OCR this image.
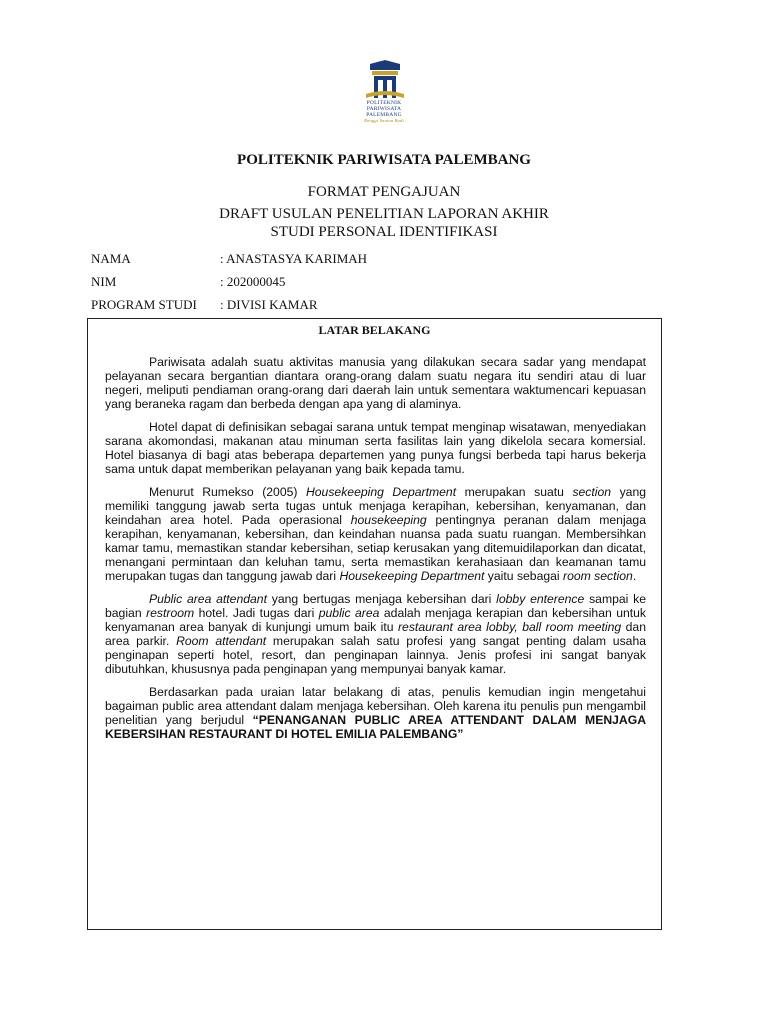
POLITEKNIK
PARIWISATA
PALEMBANG
Ranggi Santun Budi
POLITEKNIK PARIWISATA PALEMBANG
FORMAT PENGAJUAN
DRAFT USULAN PENELITIAN LAPORAN AKHIR
STUDI PERSONAL IDENTIFIKASI
NAMA	: ANASTASYA KARIMAH
NIM	: 202000045
PROGRAM STUDI : DIVISI KAMAR
LATAR BELAKANG

Pariwisata adalah suatu aktivitas manusia yang dilakukan secara sadar yang mendapat pelayanan secara bergantian diantara orang-orang dalam suatu negara itu sendiri atau di luar negeri, meliputi pendiaman orang-orang dari daerah lain untuk sementara waktumencari kepuasan yang beraneka ragam dan berbeda dengan apa yang di alaminya.

Hotel dapat di definisikan sebagai sarana untuk tempat menginap wisatawan, menyediakan sarana akomondasi, makanan atau minuman serta fasilitas lain yang dikelola secara komersial. Hotel biasanya di bagi atas beberapa departemen yang punya fungsi berbeda tapi harus bekerja sama untuk dapat memberikan pelayanan yang baik kepada tamu.

Menurut Rumekso (2005) Housekeeping Department merupakan suatu section yang memiliki tanggung jawab serta tugas untuk menjaga kerapihan, kebersihan, kenyamanan, dan keindahan area hotel. Pada operasional housekeeping pentingnya peranan dalam menjaga kerapihan, kenyamanan, kebersihan, dan keindahan nuansa pada suatu ruangan. Membersihkan kamar tamu, memastikan standar kebersihan, setiap kerusakan yang ditemuidilaporkan dan dicatat, menangani permintaan dan keluhan tamu, serta memastikan kerahasiaan dan keamanan tamu merupakan tugas dan tanggung jawab dari Housekeeping Department yaitu sebagai room section.

Public area attendant yang bertugas menjaga kebersihan dari lobby enterence sampai ke bagian restroom hotel. Jadi tugas dari public area adalah menjaga kerapian dan kebersihan untuk kenyamanan area banyak di kunjungi umum baik itu restaurant area lobby, ball room meeting dan area parkir. Room attendant merupakan salah satu profesi yang sangat penting dalam usaha penginapan seperti hotel, resort, dan penginapan lainnya. Jenis profesi ini sangat banyak dibutuhkan, khususnya pada penginapan yang mempunyai banyak kamar.

Berdasarkan pada uraian latar belakang di atas, penulis kemudian ingin mengetahui bagaiman public area attendant dalam menjaga kebersihan. Oleh karena itu penulis pun mengambil penelitian yang berjudul “PENANGANAN PUBLIC AREA ATTENDANT DALAM MENJAGA KEBERSIHAN RESTAURANT DI HOTEL EMILIA PALEMBANG”
